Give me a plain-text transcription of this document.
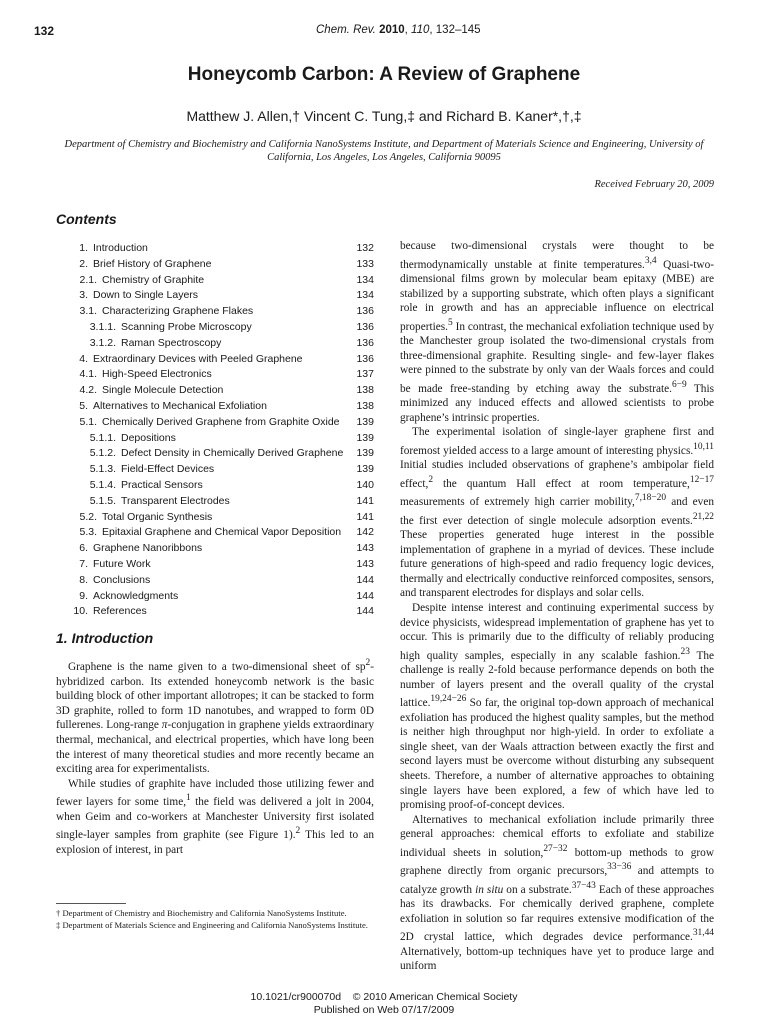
132	Chem. Rev. 2010, 110, 132–145
Honeycomb Carbon: A Review of Graphene
Matthew J. Allen,† Vincent C. Tung,‡ and Richard B. Kaner*,†,‡
Department of Chemistry and Biochemistry and California NanoSystems Institute, and Department of Materials Science and Engineering, University of California, Los Angeles, Los Angeles, California 90095
Received February 20, 2009
Contents
1. Introduction	132
2. Brief History of Graphene	133
2.1. Chemistry of Graphite	134
3. Down to Single Layers	134
3.1. Characterizing Graphene Flakes	136
3.1.1. Scanning Probe Microscopy	136
3.1.2. Raman Spectroscopy	136
4. Extraordinary Devices with Peeled Graphene	136
4.1. High-Speed Electronics	137
4.2. Single Molecule Detection	138
5. Alternatives to Mechanical Exfoliation	138
5.1. Chemically Derived Graphene from Graphite Oxide	139
5.1.1. Depositions	139
5.1.2. Defect Density in Chemically Derived Graphene	139
5.1.3. Field-Effect Devices	139
5.1.4. Practical Sensors	140
5.1.5. Transparent Electrodes	141
5.2. Total Organic Synthesis	141
5.3. Epitaxial Graphene and Chemical Vapor Deposition	142
6. Graphene Nanoribbons	143
7. Future Work	143
8. Conclusions	144
9. Acknowledgments	144
10. References	144
1. Introduction

Graphene is the name given to a two-dimensional sheet of $sp^2$-hybridized carbon. Its extended honeycomb network is the basic building block of other important allotropes; it can be stacked to form 3D graphite, rolled to form 1D nanotubes, and wrapped to form 0D fullerenes. Long-range π-conjugation in graphene yields extraordinary thermal, mechanical, and electrical properties, which have long been the interest of many theoretical studies and more recently became an exciting area for experimentalists.

While studies of graphite have included those utilizing fewer and fewer layers for some time,$^1$ the field was delivered a jolt in 2004, when Geim and co-workers at Manchester University first isolated single-layer samples from graphite (see Figure 1).$^2$ This led to an explosion of interest, in part

because two-dimensional crystals were thought to be thermodynamically unstable at finite temperatures.$^{3,4}$ Quasi-two-dimensional films grown by molecular beam epitaxy (MBE) are stabilized by a supporting substrate, which often plays a significant role in growth and has an appreciable influence on electrical properties.$^5$ In contrast, the mechanical exfoliation technique used by the Manchester group isolated the two-dimensional crystals from three-dimensional graphite. Resulting single- and few-layer flakes were pinned to the substrate by only van der Waals forces and could be made free-standing by etching away the substrate.$^{6-9}$ This minimized any induced effects and allowed scientists to probe graphene’s intrinsic properties.

The experimental isolation of single-layer graphene first and foremost yielded access to a large amount of interesting physics.$^{10,11}$ Initial studies included observations of graphene’s ambipolar field effect,$^2$ the quantum Hall effect at room temperature,$^{12-17}$ measurements of extremely high carrier mobility,$^{7,18-20}$ and even the first ever detection of single molecule adsorption events.$^{21,22}$ These properties generated huge interest in the possible implementation of graphene in a myriad of devices. These include future generations of high-speed and radio frequency logic devices, thermally and electrically conductive reinforced composites, sensors, and transparent electrodes for displays and solar cells.

Despite intense interest and continuing experimental success by device physicists, widespread implementation of graphene has yet to occur. This is primarily due to the difficulty of reliably producing high quality samples, especially in any scalable fashion.$^{23}$ The challenge is really 2-fold because performance depends on both the number of layers present and the overall quality of the crystal lattice.$^{19,24-26}$ So far, the original top-down approach of mechanical exfoliation has produced the highest quality samples, but the method is neither high throughput nor high-yield. In order to exfoliate a single sheet, van der Waals attraction between exactly the first and second layers must be overcome without disturbing any subsequent sheets. Therefore, a number of alternative approaches to obtaining single layers have been explored, a few of which have led to promising proof-of-concept devices.

Alternatives to mechanical exfoliation include primarily three general approaches: chemical efforts to exfoliate and stabilize individual sheets in solution,$^{27-32}$ bottom-up methods to grow graphene directly from organic precursors,$^{33-36}$ and attempts to catalyze growth in situ on a substrate.$^{37-43}$ Each of these approaches has its drawbacks. For chemically derived graphene, complete exfoliation in solution so far requires extensive modification of the 2D crystal lattice, which degrades device performance.$^{31,44}$ Alternatively, bottom-up techniques have yet to produce large and uniform

† Department of Chemistry and Biochemistry and California NanoSystems Institute.
‡ Department of Materials Science and Engineering and California NanoSystems Institute.
10.1021/cr900070d © 2010 American Chemical Society
Published on Web 07/17/2009
